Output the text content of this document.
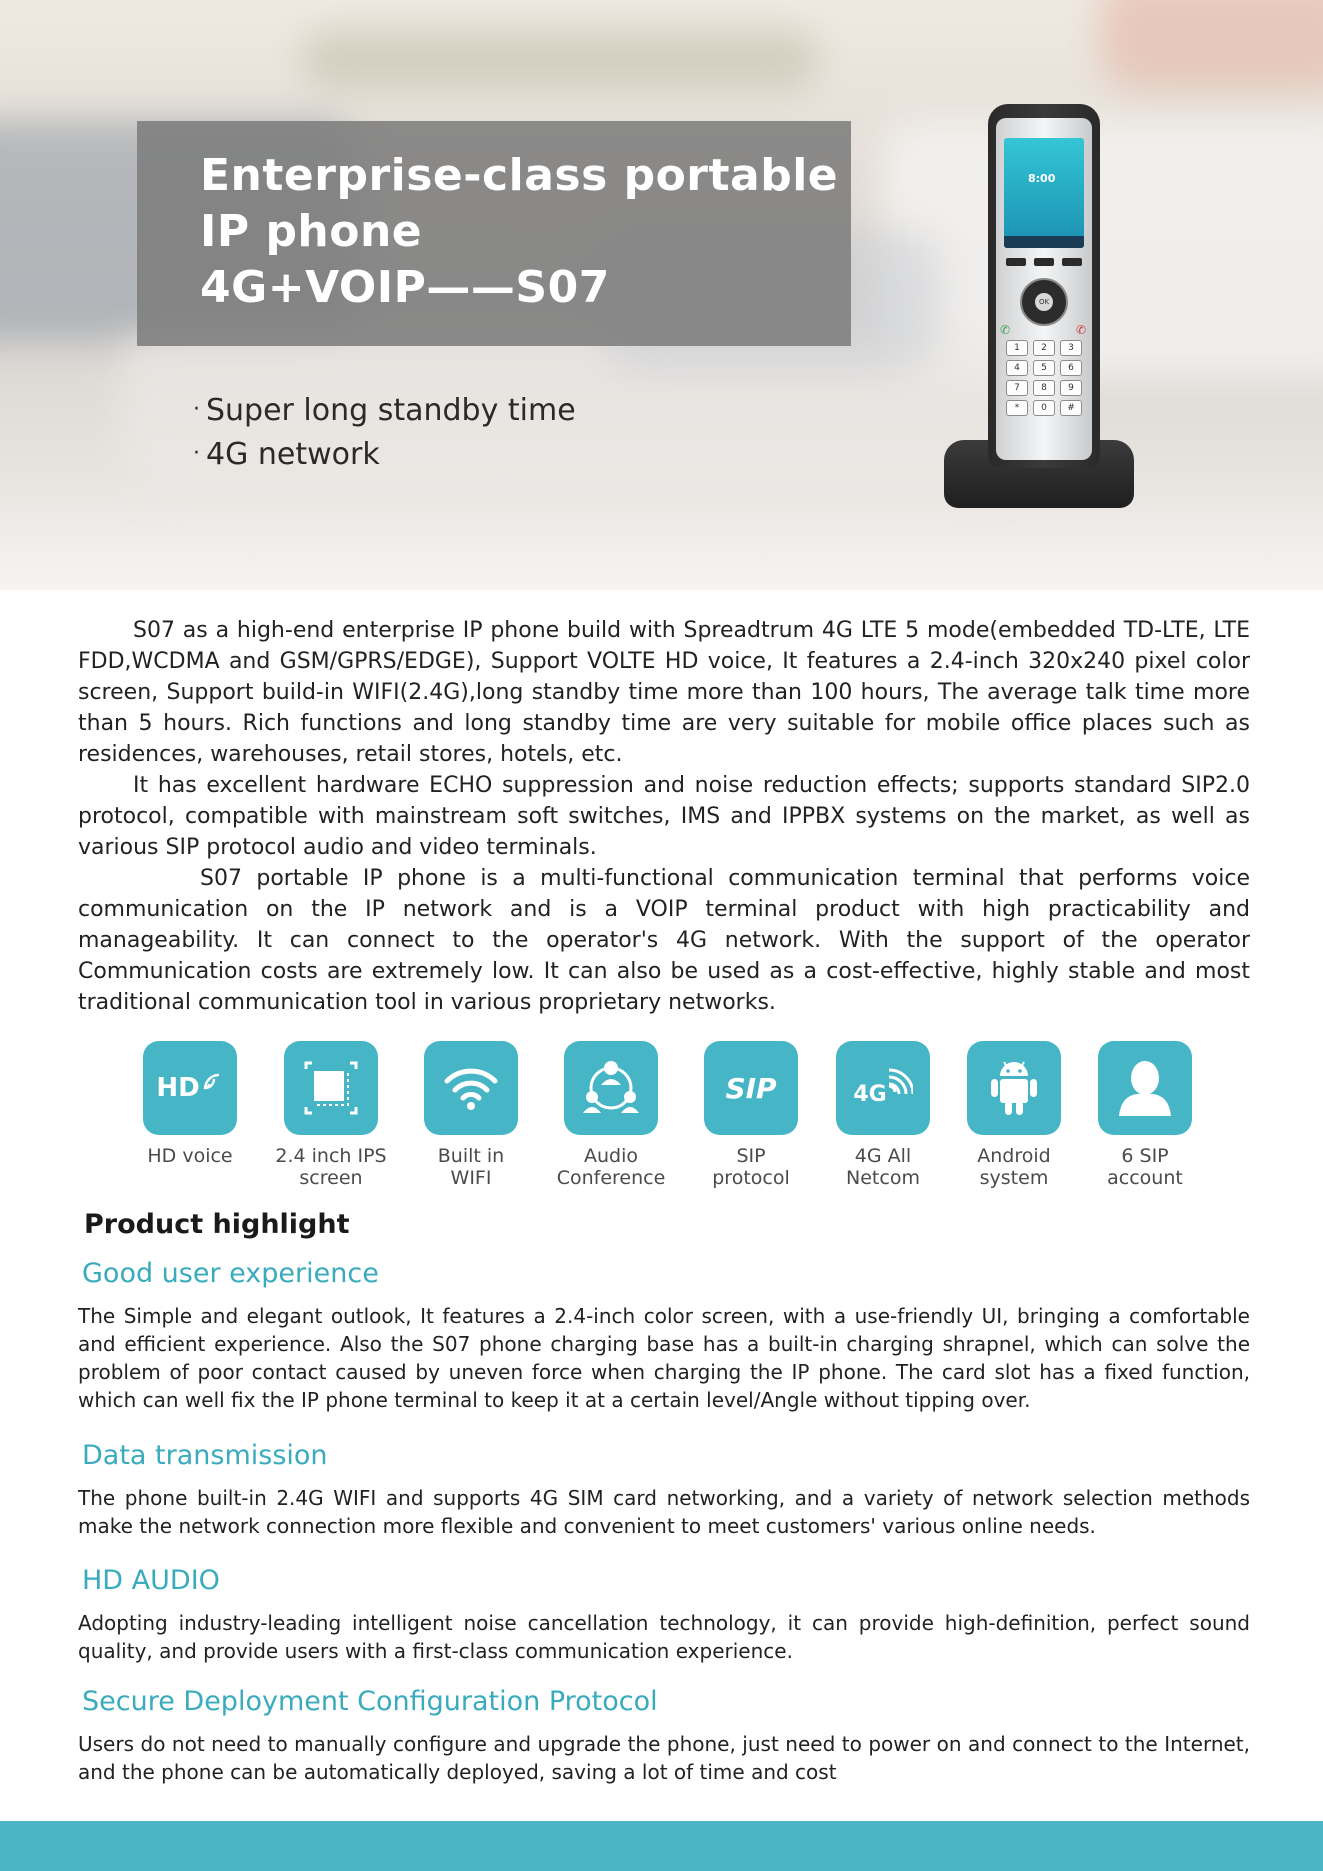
Enterprise-class portable
IP phone
4G+VOIP——S07
· Super long standby time
· 4G network
8:00
OK
✆	✆
1	2	3
4	5	6
7	8	9
*	0	#

S07 as a high-end enterprise IP phone build with Spreadtrum 4G LTE 5 mode(embedded TD-LTE, LTE FDD,WCDMA and GSM/GPRS/EDGE), Support VOLTE HD voice, It features a 2.4-inch 320x240 pixel color screen, Support build-in WIFI(2.4G),long standby time more than 100 hours, The average talk time more than 5 hours. Rich functions and long standby time are very suitable for mobile office places such as residences, warehouses, retail stores, hotels, etc.

It has excellent hardware ECHO suppression and noise reduction effects; supports standard SIP2.0 protocol, compatible with mainstream soft switches, IMS and IPPBX systems on the market, as well as various SIP protocol audio and video terminals.

S07 portable IP phone is a multi-functional communication terminal that performs voice communication on the IP network and is a VOIP terminal product with high practicability and manageability. It can connect to the operator's 4G network. With the support of the operator Communication costs are extremely low. It can also be used as a cost-effective, highly stable and most traditional communication tool in various proprietary networks.

HD
HD voice	2.4 inch IPS
screen
Built in
WIFI
Audio
Conference
SIP
SIP
protocol
4G
4G All
Netcom
Android
system
6 SIP
account
Product highlight
Good user experience
The Simple and elegant outlook, It features a 2.4-inch color screen, with a use-friendly UI, bringing a comfortable and efficient experience. Also the S07 phone charging base has a built-in charging shrapnel, which can solve the problem of poor contact caused by uneven force when charging the IP phone. The card slot has a fixed function, which can well fix the IP phone terminal to keep it at a certain level/Angle without tipping over.
Data transmission
The phone built-in 2.4G WIFI and supports 4G SIM card networking, and a variety of network selection methods make the network connection more flexible and convenient to meet customers' various online needs.
HD AUDIO
Adopting industry-leading intelligent noise cancellation technology, it can provide high-definition, perfect sound quality, and provide users with a first-class communication experience.
Secure Deployment Configuration Protocol
Users do not need to manually configure and upgrade the phone, just need to power on and connect to the Internet, and the phone can be automatically deployed, saving a lot of time and cost
